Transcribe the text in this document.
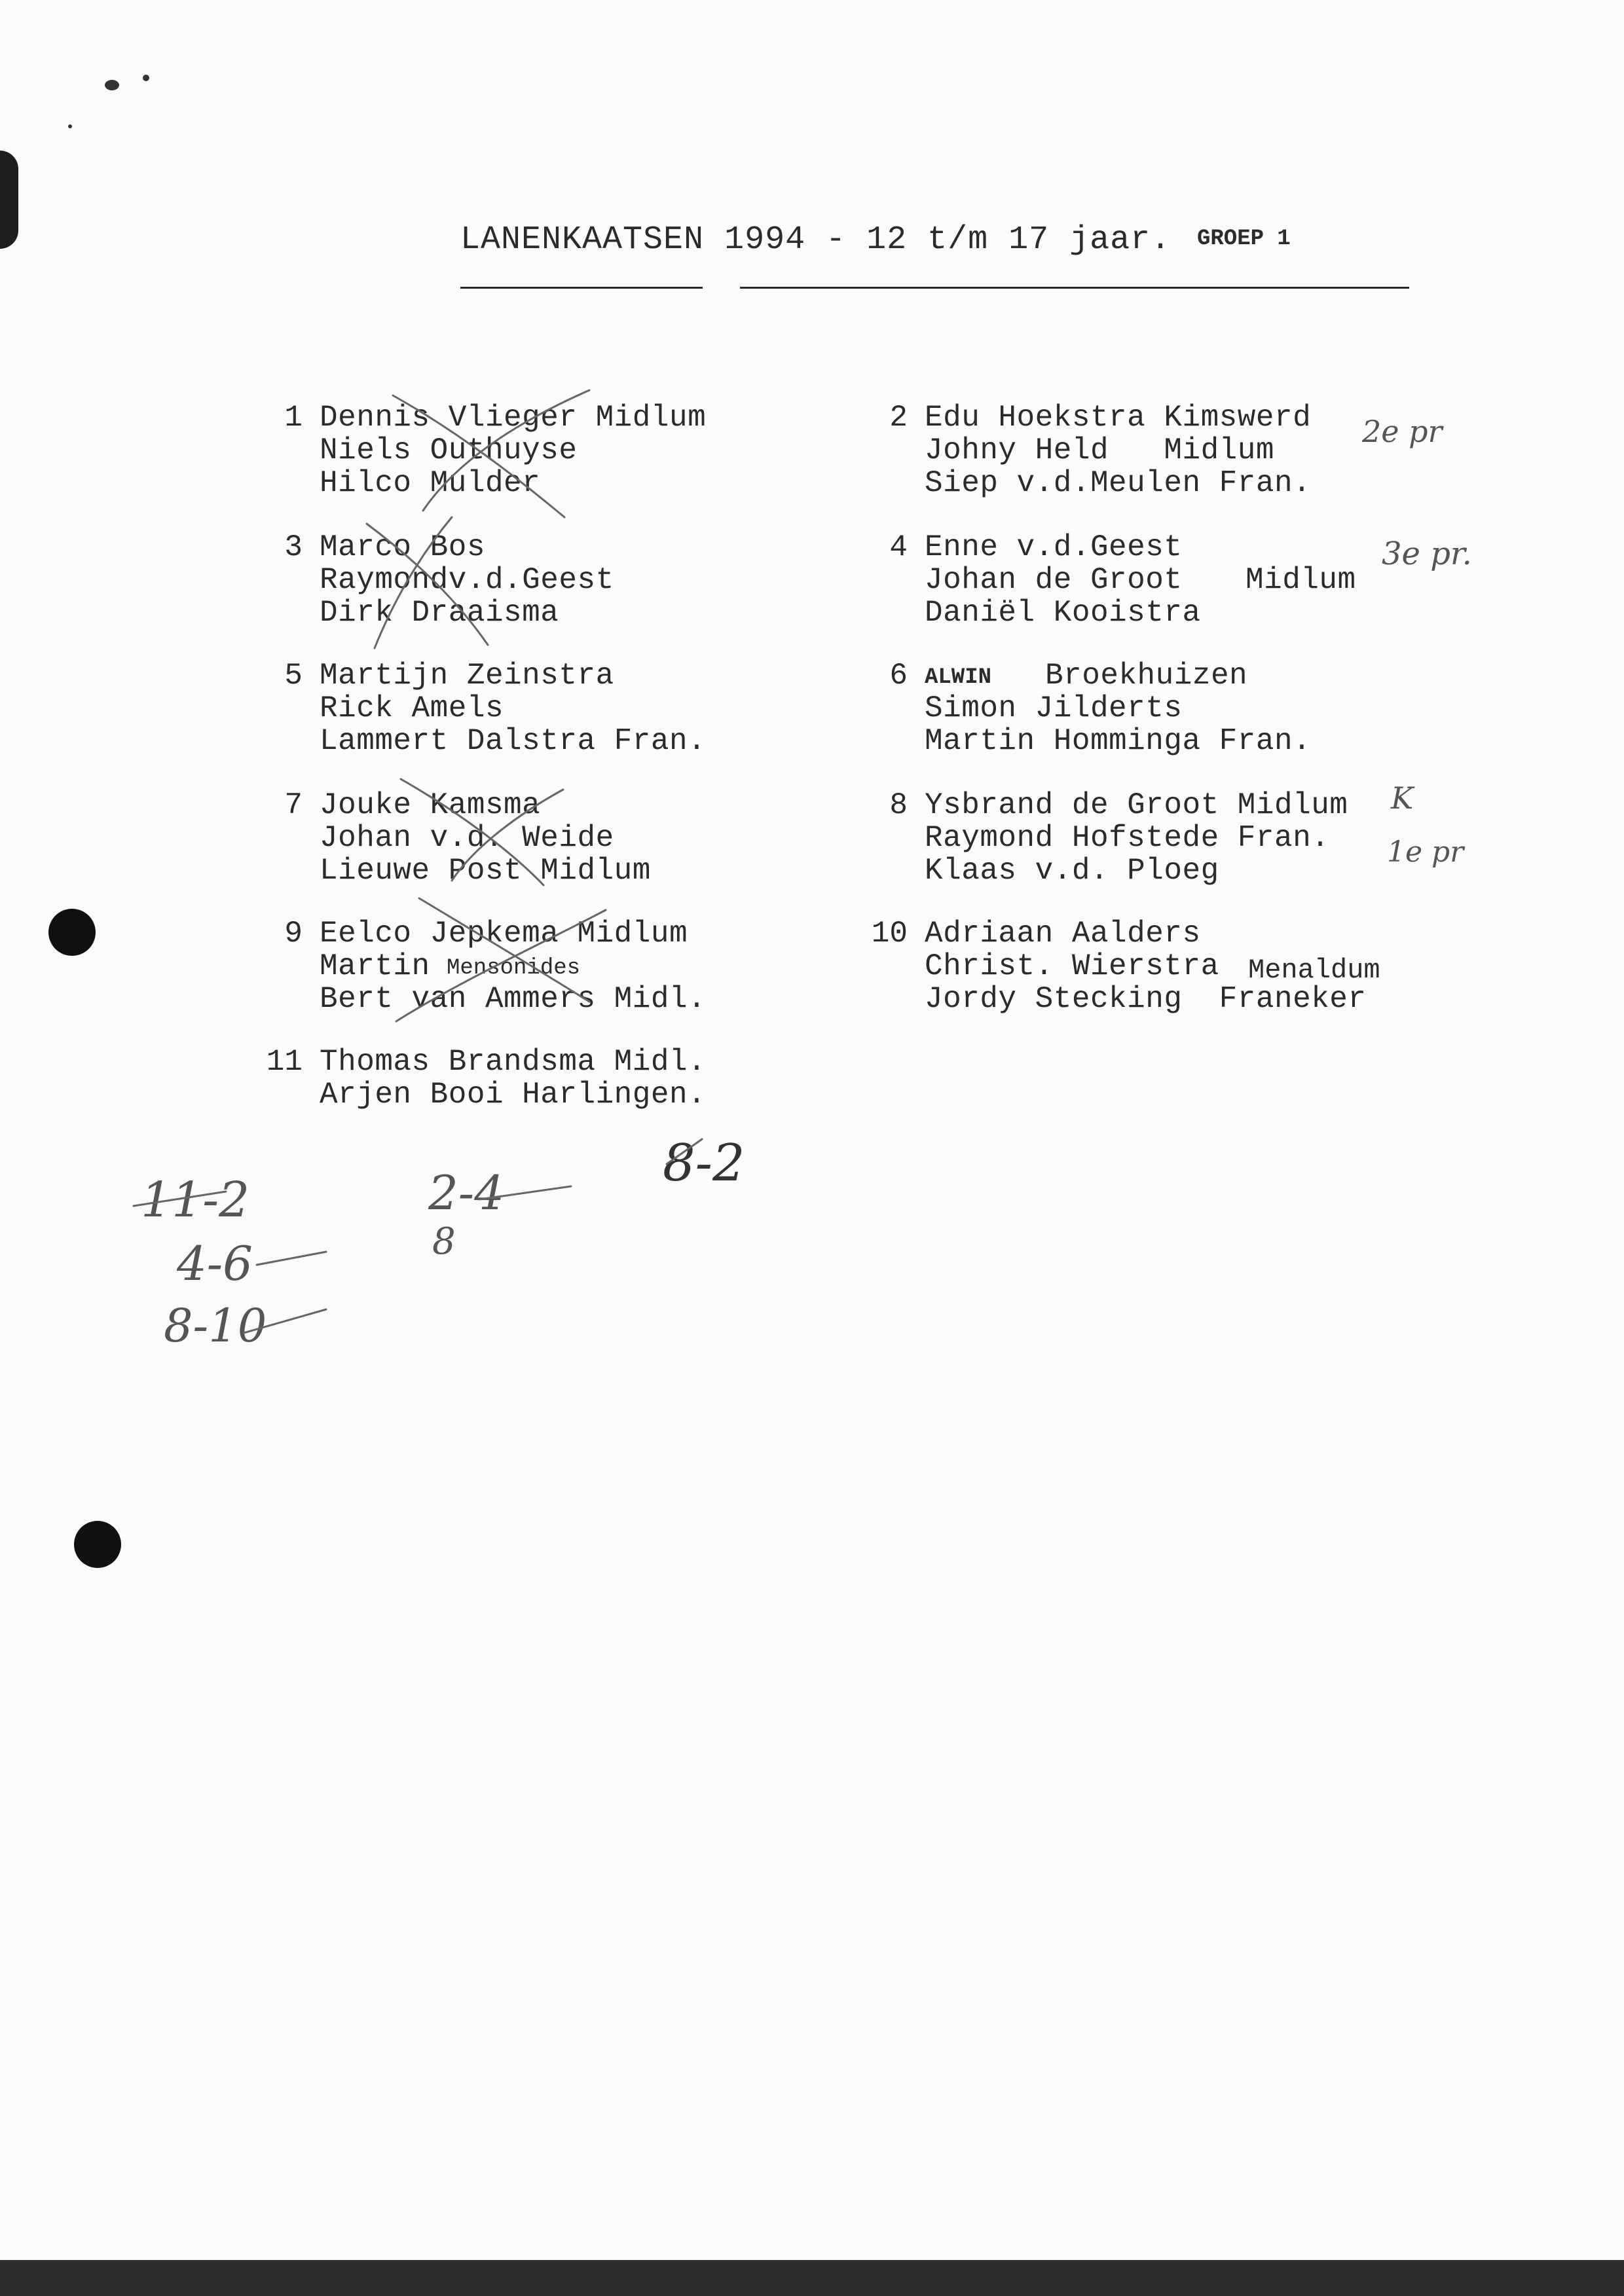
LANENKAATSEN 1994 - 12 t/m 17 jaar. GROEP 1
1 Dennis Vlieger Midlum
Niels Outhuyse
Hilco Mulder
2 Edu Hoekstra Kimswerd
Johny Held   Midlum
Siep v.d.Meulen Fran.
3 Marco Bos
Raymondv.d.Geest
Dirk Draaisma
4 Enne v.d.Geest
Johan de Groot Midlum
Daniël Kooistra
5 Martijn Zeinstra
Rick Amels
Lammert Dalstra Fran.
6 ALWIN Broekhuizen
Simon Jilderts
Martin Homminga Fran.
7 Jouke Kamsma
Johan v.d. Weide
Lieuwe Post Midlum
8 Ysbrand de Groot Midlum
Raymond Hofstede Fran.
Klaas v.d. Ploeg
9 Eelco Jepkema Midlum
Martin Mensonides
Bert van Ammers Midl.
10 Adriaan Aalders
Christ. Wierstra Menaldum
Jordy Stecking  Franeker
11 Thomas Brandsma Midl.
Arjen Booi Harlingen.
2e pr
3e pr.
K
1e pr
11-2
4-6
8-10
2-4
8
8-2
